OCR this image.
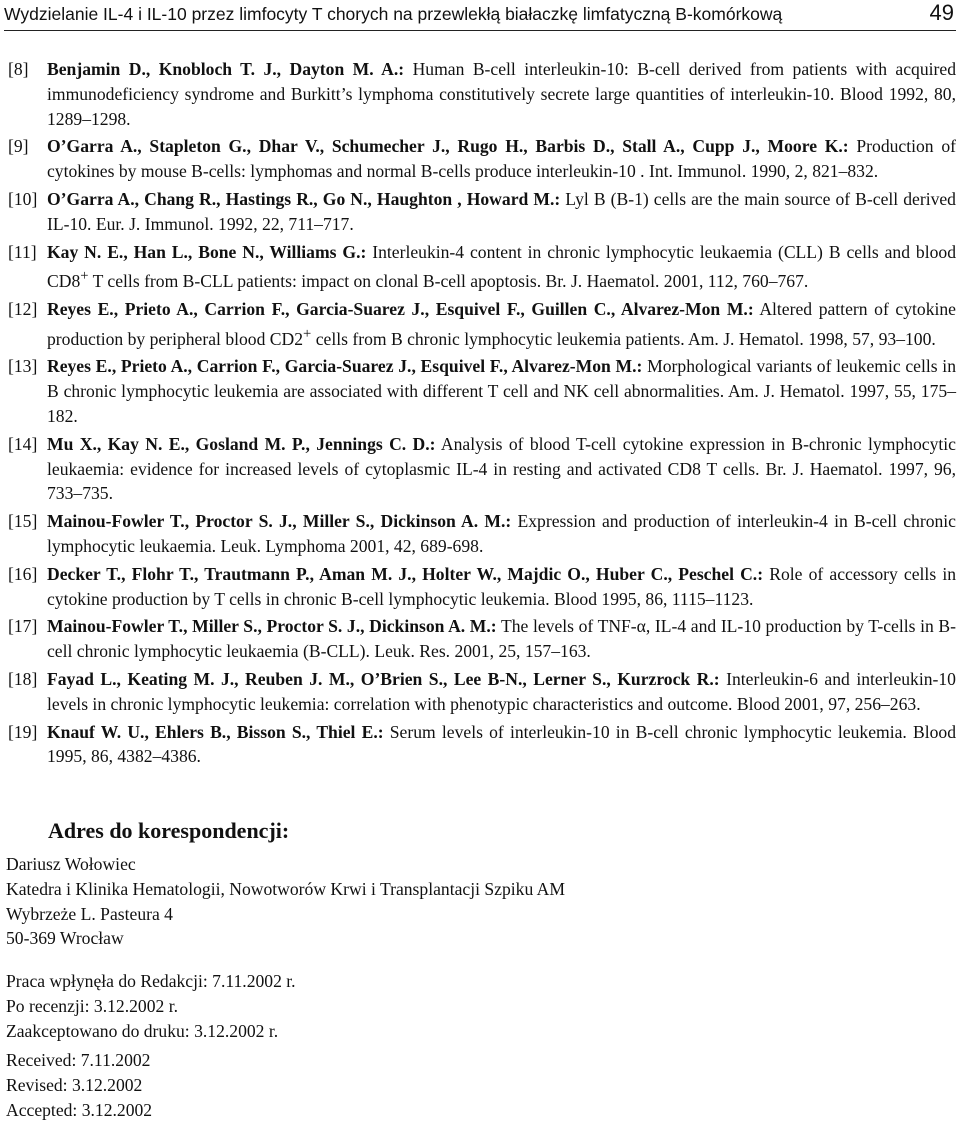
Wydzielanie IL-4 i IL-10 przez limfocyty T chorych na przewlekłą białaczkę limfatyczną B-komórkową	49
[8] Benjamin D., Knobloch T. J., Dayton M. A.: Human B-cell interleukin-10: B-cell derived from patients with acquired immunodeficiency syndrome and Burkitt’s lymphoma constitutively secrete large quantities of interleukin-10. Blood 1992, 80, 1289–1298.
[9] O’Garra A., Stapleton G., Dhar V., Schumecher J., Rugo H., Barbis D., Stall A., Cupp J., Moore K.: Production of cytokines by mouse B-cells: lymphomas and normal B-cells produce interleukin-10 . Int. Immunol. 1990, 2, 821–832.
[10] O’Garra A., Chang R., Hastings R., Go N., Haughton , Howard M.: Lyl B (B-1) cells are the main source of B-cell derived IL-10. Eur. J. Immunol. 1992, 22, 711–717.
[11] Kay N. E., Han L., Bone N., Williams G.: Interleukin-4 content in chronic lymphocytic leukaemia (CLL) B cells and blood CD8+ T cells from B-CLL patients: impact on clonal B-cell apoptosis. Br. J. Haematol. 2001, 112, 760–767.
[12] Reyes E., Prieto A., Carrion F., Garcia-Suarez J., Esquivel F., Guillen C., Alvarez-Mon M.: Altered pattern of cytokine production by peripheral blood CD2+ cells from B chronic lymphocytic leukemia patients. Am. J. Hematol. 1998, 57, 93–100.
[13] Reyes E., Prieto A., Carrion F., Garcia-Suarez J., Esquivel F., Alvarez-Mon M.: Morphological variants of leukemic cells in B chronic lymphocytic leukemia are associated with different T cell and NK cell abnormalities. Am. J. Hematol. 1997, 55, 175–182.
[14] Mu X., Kay N. E., Gosland M. P., Jennings C. D.: Analysis of blood T-cell cytokine expression in B-chronic lymphocytic leukaemia: evidence for increased levels of cytoplasmic IL-4 in resting and activated CD8 T cells. Br. J. Haematol. 1997, 96, 733–735.
[15] Mainou-Fowler T., Proctor S. J., Miller S., Dickinson A. M.: Expression and production of interleukin-4 in B-cell chronic lymphocytic leukaemia. Leuk. Lymphoma 2001, 42, 689-698.
[16] Decker T., Flohr T., Trautmann P., Aman M. J., Holter W., Majdic O., Huber C., Peschel C.: Role of accessory cells in cytokine production by T cells in chronic B-cell lymphocytic leukemia. Blood 1995, 86, 1115–1123.
[17] Mainou-Fowler T., Miller S., Proctor S. J., Dickinson A. M.: The levels of TNF-α, IL-4 and IL-10 production by T-cells in B-cell chronic lymphocytic leukaemia (B-CLL). Leuk. Res. 2001, 25, 157–163.
[18] Fayad L., Keating M. J., Reuben J. M., O’Brien S., Lee B-N., Lerner S., Kurzrock R.: Interleukin-6 and interleukin-10 levels in chronic lymphocytic leukemia: correlation with phenotypic characteristics and outcome. Blood 2001, 97, 256–263.
[19] Knauf W. U., Ehlers B., Bisson S., Thiel E.: Serum levels of interleukin-10 in B-cell chronic lymphocytic leukemia. Blood 1995, 86, 4382–4386.
Adres do korespondencji:
Dariusz Wołowiec
Katedra i Klinika Hematologii, Nowotworów Krwi i Transplantacji Szpiku AM
Wybrzeże L. Pasteura 4
50-369 Wrocław
Praca wpłynęła do Redakcji: 7.11.2002 r.
Po recenzji: 3.12.2002 r.
Zaakceptowano do druku: 3.12.2002 r.
Received: 7.11.2002
Revised: 3.12.2002
Accepted: 3.12.2002
